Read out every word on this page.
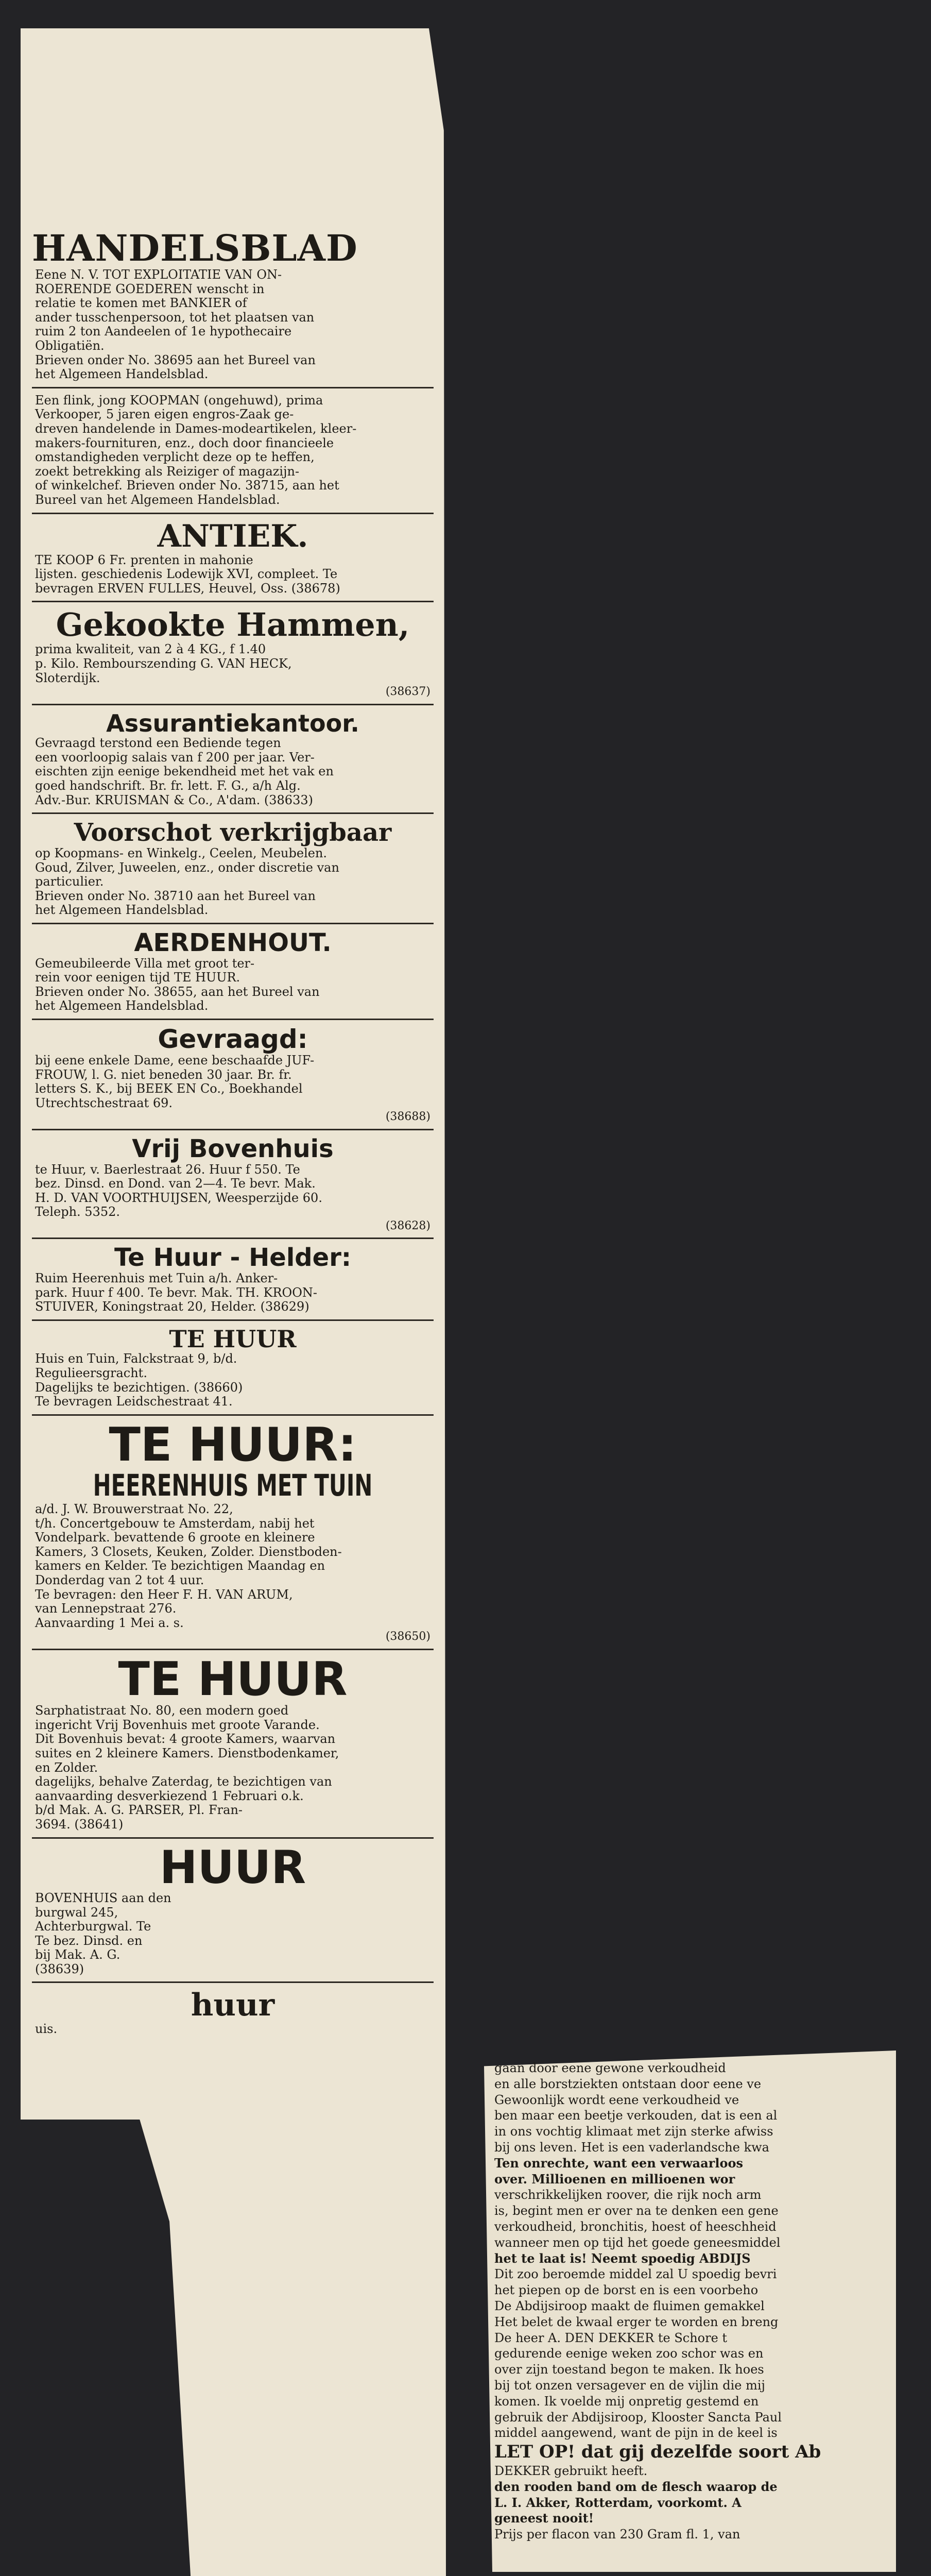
HANDELSBLAD
Eene N. V. TOT EXPLOITATIE VAN ON-
ROERENDE GOEDEREN wenscht in
relatie te komen met BANKIER of
ander tusschenpersoon, tot het plaatsen van
ruim 2 ton Aandeelen of 1e hypothecaire
Obligatiën.
Brieven onder No. 38695 aan het Bureel van
het Algemeen Handelsblad.
Een flink, jong KOOPMAN (ongehuwd), prima
Verkooper, 5 jaren eigen engros-Zaak ge-
dreven handelende in Dames-modeartikelen, kleer-
makers-fournituren, enz., doch door financieele
omstandigheden verplicht deze op te heffen,
zoekt betrekking als Reiziger of magazijn-
of winkelchef. Brieven onder No. 38715, aan het
Bureel van het Algemeen Handelsblad.
ANTIEK.
TE KOOP 6 Fr. prenten in mahonie
lijsten. geschiedenis Lodewijk XVI, compleet. Te
bevragen ERVEN FULLES, Heuvel, Oss. (38678)
Gekookte Hammen,
prima kwaliteit, van 2 à 4 KG., f 1.40
p. Kilo. Rembourszending G. VAN HECK,
Sloterdijk.
(38637)
Assurantiekantoor.
Gevraagd terstond een Bediende tegen
een voorloopig salais van f 200 per jaar. Ver-
eischten zijn eenige bekendheid met het vak en
goed handschrift. Br. fr. lett. F. G., a/h Alg.
Adv.-Bur. KRUISMAN & Co., A'dam. (38633)
Voorschot verkrijgbaar
op Koopmans- en Winkelg., Ceelen, Meubelen.
Goud, Zilver, Juweelen, enz., onder discretie van
particulier.
Brieven onder No. 38710 aan het Bureel van
het Algemeen Handelsblad.
AERDENHOUT.
Gemeubileerde Villa met groot ter-
rein voor eenigen tijd TE HUUR.
Brieven onder No. 38655, aan het Bureel van
het Algemeen Handelsblad.
Gevraagd:
bij eene enkele Dame, eene beschaafde JUF-
FROUW, l. G. niet beneden 30 jaar. Br. fr.
letters S. K., bij BEEK EN Co., Boekhandel
Utrechtschestraat 69.
(38688)
Vrij Bovenhuis
te Huur, v. Baerlestraat 26. Huur f 550. Te
bez. Dinsd. en Dond. van 2—4. Te bevr. Mak.
H. D. VAN VOORTHUIJSEN, Weesperzijde 60.
Teleph. 5352.
(38628)
Te Huur - Helder:
Ruim Heerenhuis met Tuin a/h. Anker-
park. Huur f 400. Te bevr. Mak. TH. KROON-
STUIVER, Koningstraat 20, Helder. (38629)
TE HUUR
Huis en Tuin, Falckstraat 9, b/d.
Regulieersgracht.
Dagelijks te bezichtigen. (38660)
Te bevragen Leidschestraat 41.
TE HUUR:
HEERENHUIS MET TUIN
a/d. J. W. Brouwerstraat No. 22,
t/h. Concertgebouw te Amsterdam, nabij het
Vondelpark. bevattende 6 groote en kleinere
Kamers, 3 Closets, Keuken, Zolder. Dienstboden-
kamers en Kelder. Te bezichtigen Maandag en
Donderdag van 2 tot 4 uur.
Te bevragen: den Heer F. H. VAN ARUM,
van Lennepstraat 276.
Aanvaarding 1 Mei a. s.
(38650)
TE HUUR
Sarphatistraat No. 80, een modern goed
ingericht Vrij Bovenhuis met groote Varande.
Dit Bovenhuis bevat: 4 groote Kamers, waarvan
suites en 2 kleinere Kamers. Dienstbodenkamer,
en Zolder.
dagelijks, behalve Zaterdag, te bezichtigen van
aanvaarding desverkiezend 1 Februari o.k.
b/d Mak. A. G. PARSER, Pl. Fran-
3694. (38641)
HUUR
BOVENHUIS aan den
burgwal 245,
Achterburgwal. Te
Te bez. Dinsd. en
bij Mak. A. G.
(38639)
huur
uis.

gaan door eene gewone verkoudheid

en alle borstziekten ontstaan door eene ve

Gewoonlijk wordt eene verkoudheid ve

ben maar een beetje verkouden, dat is een al

in ons vochtig klimaat met zijn sterke afwiss

bij ons leven. Het is een vaderlandsche kwa

Ten onrechte, want een verwaarloos

over. Millioenen en millioenen wor

verschrikkelijken roover, die rijk noch arm

is, begint men er over na te denken een gene

verkoudheid, bronchitis, hoest of heeschheid

wanneer men op tijd het goede geneesmiddel

het te laat is! Neemt spoedig ABDIJS

Dit zoo beroemde middel zal U spoedig bevri

het piepen op de borst en is een voorbeho

De Abdijsiroop maakt de fluimen gemakkel

Het belet de kwaal erger te worden en breng

De heer A. DEN DEKKER te Schore t

gedurende eenige weken zoo schor was en

over zijn toestand begon te maken. Ik hoes

bij tot onzen versagever en de vijlin die mij

komen. Ik voelde mij onpretig gestemd en

gebruik der Abdijsiroop, Klooster Sancta Paul

middel aangewend, want de pijn in de keel is

LET OP! dat gij dezelfde soort Ab

DEKKER gebruikt heeft.

den rooden band om de flesch waarop de

L. I. Akker, Rotterdam, voorkomt. A

geneest nooit!

Prijs per flacon van 230 Gram fl. 1, van
